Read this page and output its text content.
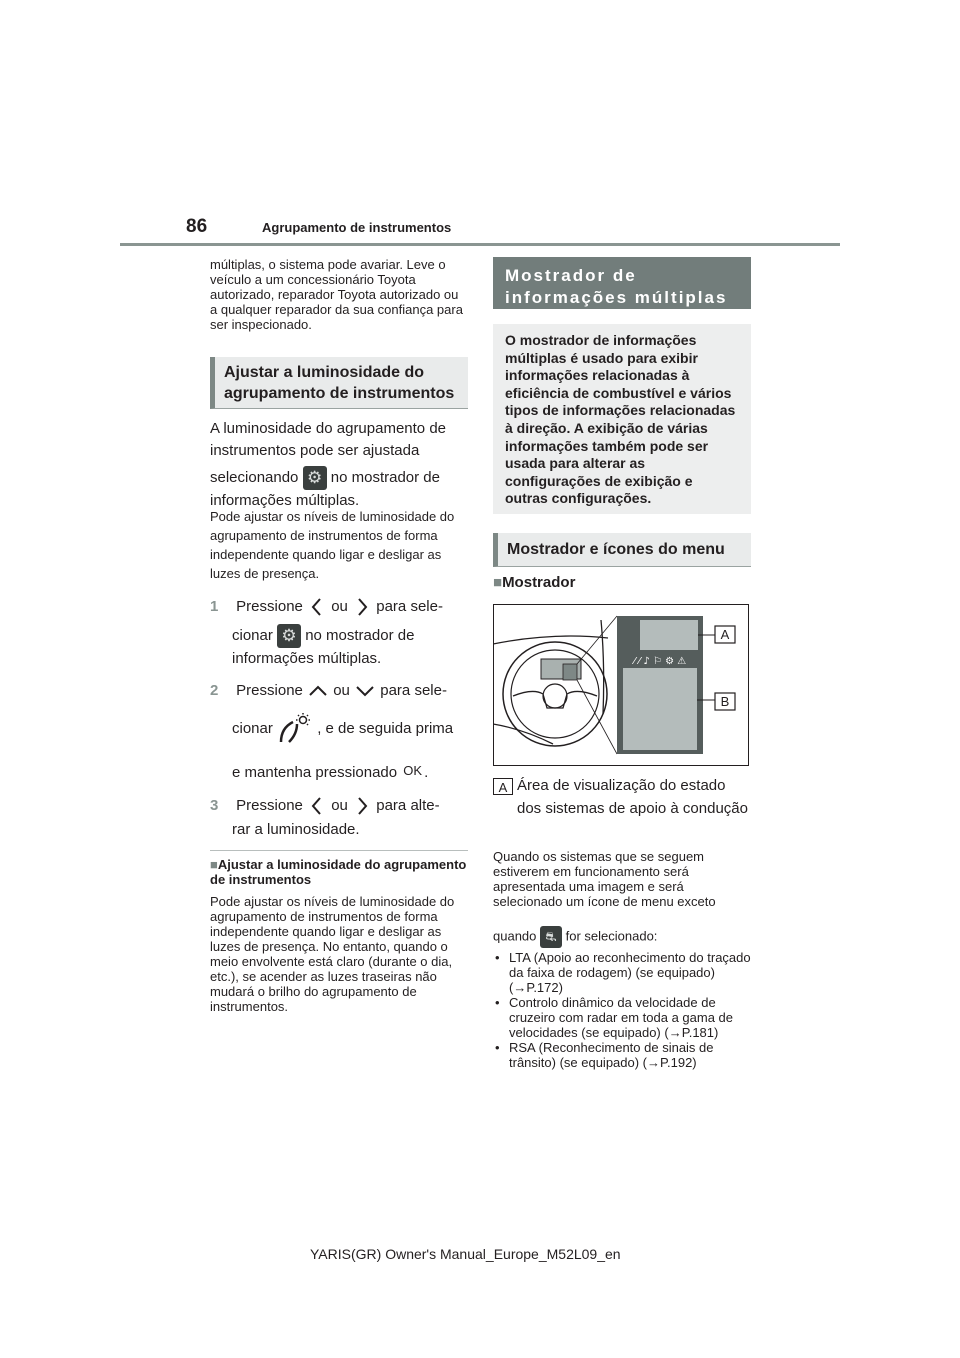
86	Agrupamento de instrumentos
múltiplas, o sistema pode avariar. Leve o veículo a um concessionário Toyota autorizado, reparador Toyota autorizado ou a qualquer reparador da sua confiança para ser inspecionado.
Ajustar a luminosidade do agrupamento de instrumentos
A luminosidade do agrupamento de instrumentos pode ser ajustada
selecionando ⚙ no mostrador de informações múltiplas.
Pode ajustar os níveis de luminosidade do agrupamento de instrumentos de forma independente quando ligar e desligar as luzes de presença.
1 Pressione ou para sele-
cionar ⚙ no mostrador de informações múltiplas.
2 Pressione ou para sele-
cionar	, e de seguida prima
e mantenha pressionado OK .
3 Pressione ou para alte-
rar a luminosidade.
■Ajustar a luminosidade do agrupamento de instrumentos
Pode ajustar os níveis de luminosidade do agrupamento de instrumentos de forma independente quando ligar e desligar as luzes de presença. No entanto, quando o meio envolvente está claro (durante o dia, etc.), se acender as luzes traseiras não mudará o brilho do agrupamento de instrumentos.
Mostrador de informações múltiplas
O mostrador de informações múltiplas é usado para exibir informações relacionadas à eficiência de combustível e vários tipos de informações relacionadas à direção. A exibição de várias informações também pode ser usada para alterar as configurações de exibição e outras configurações.
Mostrador e ícones do menu
■Mostrador
⁄ ⁄ ♪ ⚐ ⚙ ⚠
A
B
A Área de visualização do estado dos sistemas de apoio à condução
Quando os sistemas que se seguem estiverem em funcionamento será apresentada uma imagem e será selecionado um ícone de menu exceto
quando ⛐ for selecionado:
• LTA (Apoio ao reconhecimento do traçado da faixa de rodagem) (se equipado) (→P.172)
• Controlo dinâmico da velocidade de cruzeiro com radar em toda a gama de velocidades (se equipado) (→P.181)
• RSA (Reconhecimento de sinais de trânsito) (se equipado) (→P.192)
YARIS(GR) Owner's Manual_Europe_M52L09_en
